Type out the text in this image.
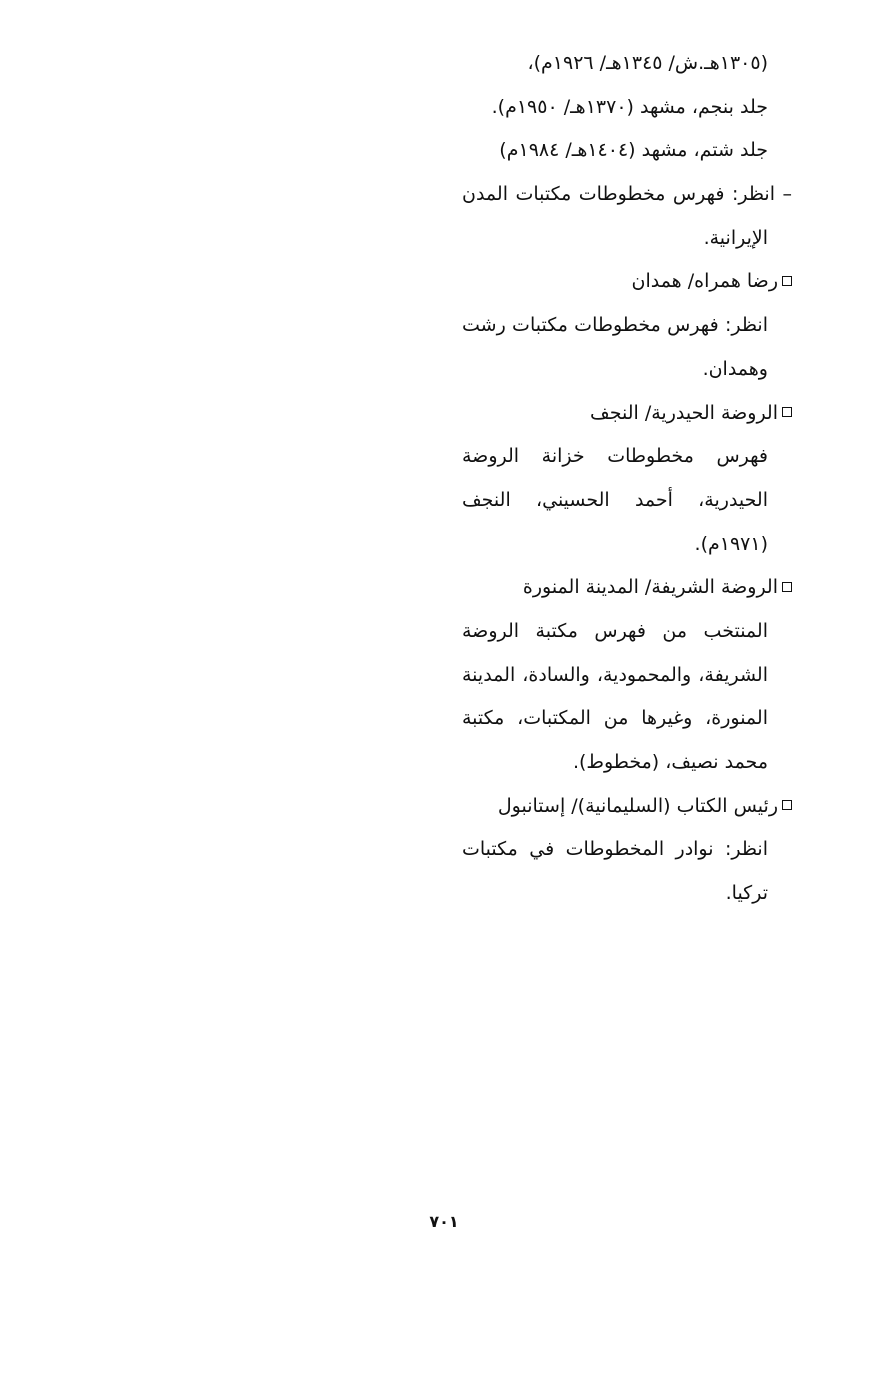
(١٣٠٥هـ.ش/ ١٣٤٥هـ/ ١٩٢٦م)،
جلد بنجم، مشهد (١٣٧٠هـ/ ١٩٥٠م).
جلد شتم، مشهد (١٤٠٤هـ/ ١٩٨٤م)
– انظر: فهرس مخطوطات مكتبات المدن
الإيرانية.
رضا همراه/ همدان
انظر: فهرس مخطوطات مكتبات رشت
وهمدان.
الروضة الحيدرية/ النجف
فهرس مخطوطات خزانة الروضة
الحيدرية، أحمد الحسيني، النجف
(١٩٧١م).
الروضة الشريفة/ المدينة المنورة
المنتخب من فهرس مكتبة الروضة
الشريفة، والمحمودية، والسادة، المدينة
المنورة، وغيرها من المكتبات، مكتبة
محمد نصيف، (مخطوط).
رئيس الكتاب (السليمانية)/ إستانبول
انظر: نوادر المخطوطات في مكتبات
تركيا.
٧٠١
